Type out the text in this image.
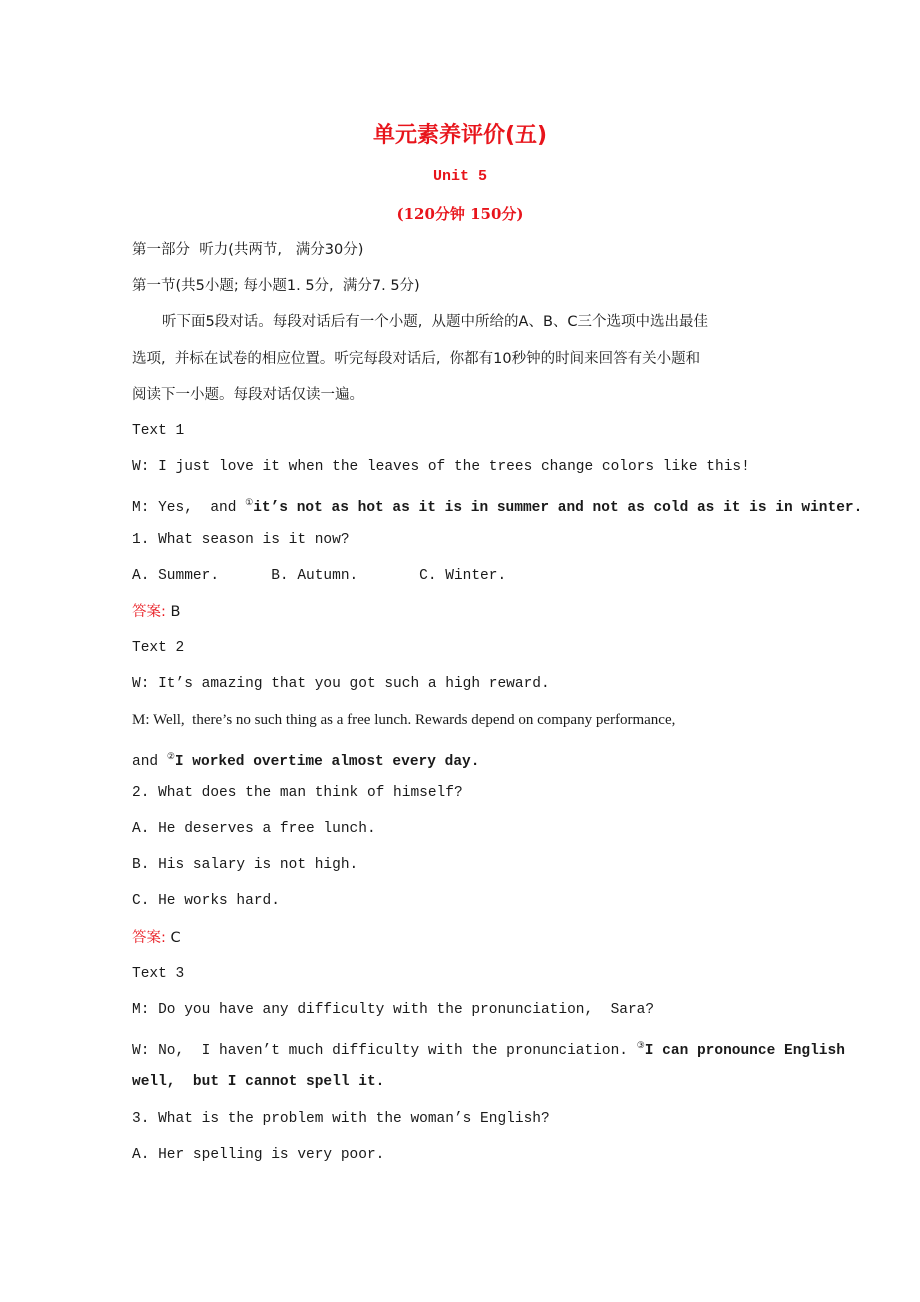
单元素养评价(五)
Unit 5
(120分钟 150分)
第一部分  听力(共两节,   满分30分)
第一节(共5小题; 每小题1. 5分,  满分7. 5分)
听下面5段对话。每段对话后有一个小题,  从题中所给的A、B、C三个选项中选出最佳
选项,  并标在试卷的相应位置。听完每段对话后,  你都有10秒钟的时间来回答有关小题和
阅读下一小题。每段对话仅读一遍。
Text 1
W: I just love it when the leaves of the trees change colors like this!
M: Yes,  and ①it’s not as hot as it is in summer and not as cold as it is in winter.
1. What season is it now?
A. Summer.      B. Autumn.       C. Winter.
答案: B
Text 2
W: It’s amazing that you got such a high reward.
M: Well,  there’s no such thing as a free lunch. Rewards depend on company performance,
and ②I worked overtime almost every day.
2. What does the man think of himself?
A. He deserves a free lunch.
B. His salary is not high.
C. He works hard.
答案: C
Text 3
M: Do you have any difficulty with the pronunciation,  Sara?
W: No,  I haven’t much difficulty with the pronunciation. ③I can pronounce English
well,  but I cannot spell it.
3. What is the problem with the woman’s English?
A. Her spelling is very poor.
